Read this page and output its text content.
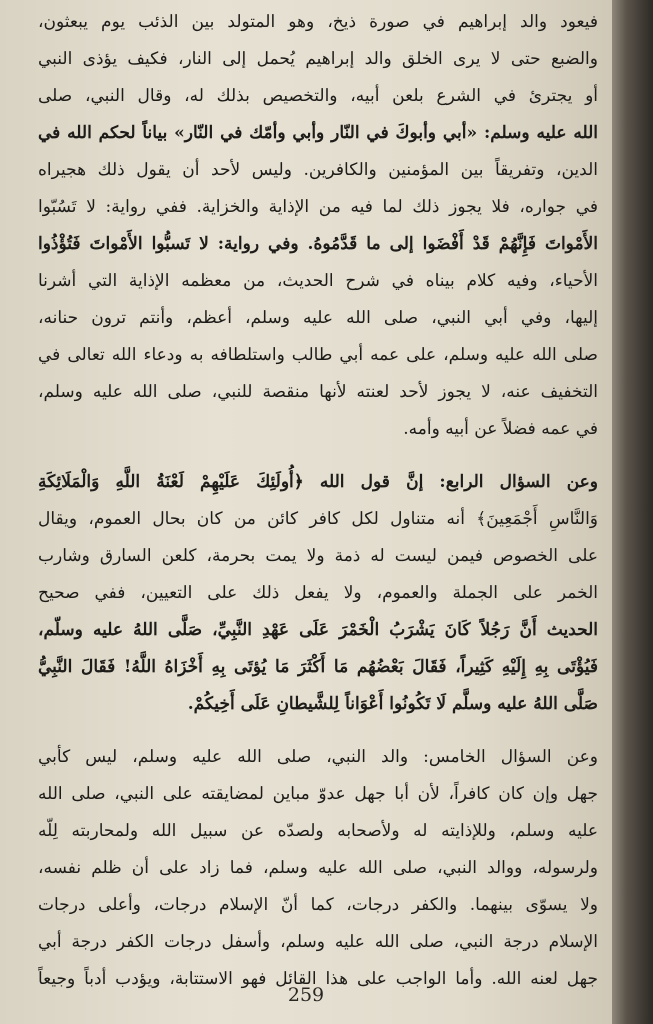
فيعود والد إبراهيم في صورة ذيخ، وهو المتولد بين الذئب يوم يبعثون،
والضبع حتى لا يرى الخلق والد إبراهيم يُحمل إلى النار، فكيف يؤذى النبي
أو يجترئ في الشرع بلعن أبيه، والتخصيص بذلك له، وقال النبي، صلى
الله عليه وسلم: «أبي وأبوكَ في النّار وأبي وأمّك في النّار» بياناً لحكم الله في
الدين، وتفريقاً بين المؤمنين والكافرين. وليس لأحد أن يقول ذلك هجيراه
في جواره، فلا يجوز ذلك لما فيه من الإذاية والخزاية. ففي رواية: لا تَسُبّوا
الأَمْواتَ فَإِنَّهُمْ قَدْ أَفْضَوا إلى ما قَدَّمُوهُ. وفي رواية: لا تَسبُّوا الأَمْواتَ فَتُؤْذُوا
الأحياء، وفيه كلام بيناه في شرح الحديث، من معظمه الإذاية التي أشرنا
إليها، وفي أبي النبي، صلى الله عليه وسلم، أعظم، وأنتم ترون حنانه،
صلى الله عليه وسلم، على عمه أبي طالب واستلطافه به ودعاء الله تعالى في
التخفيف عنه، لا يجوز لأحد لعنته لأنها منقصة للنبي، صلى الله عليه وسلم،
في عمه فضلاً عن أبيه وأمه.
وعن السؤال الرابع: إنَّ قول الله ﴿أُولَئِكَ عَلَيْهِمْ لَعْنَةُ اللَّهِ وَالْمَلَائِكَةِ
وَالنَّاسِ أَجْمَعِينَ﴾ أنه متناول لكل كافر كائن من كان بحال العموم، ويقال
على الخصوص فيمن ليست له ذمة ولا يمت بحرمة، كلعن السارق وشارب
الخمر على الجملة والعموم، ولا يفعل ذلك على التعيين، ففي صحيح
الحديث أَنَّ رَجُلاً كَانَ يَشْرَبُ الْخَمْرَ عَلَى عَهْدِ النَّبِيِّ، صَلَّى اللهُ عليه وسلّم،
فَيُؤْتَى بِهِ إِلَيْهِ كَثِيراً، فَقَالَ بَعْضُهُم مَا أَكْثَرَ مَا يُؤتَى بِهِ أَخْزَاهُ اللَّهُ! فَقَالَ النَّبِيُّ
صَلَّى اللهُ عليه وسلَّم لَا تَكُونُوا أَعْوَاناً لِلشَّيطانِ عَلَى أَخِيكُمْ.
وعن السؤال الخامس: والد النبي، صلى الله عليه وسلم، ليس كأبي
جهل وإن كان كافراً، لأن أبا جهل عدوّ مباين لمضايقته على النبي، صلى الله
عليه وسلم، وللإذايته له ولأصحابه ولصدّه عن سبيل الله ولمحاربته لِلّه
ولرسوله، ووالد النبي، صلى الله عليه وسلم، فما زاد على أن ظلم نفسه،
ولا يسوّى بينهما. والكفر درجات، كما أنّ الإسلام درجات، وأعلى درجات
الإسلام درجة النبي، صلى الله عليه وسلم، وأسفل درجات الكفر درجة أبي
جهل لعنه الله. وأما الواجب على هذا القائل فهو الاستتابة، ويؤدب أدباً وجيعاً
259
